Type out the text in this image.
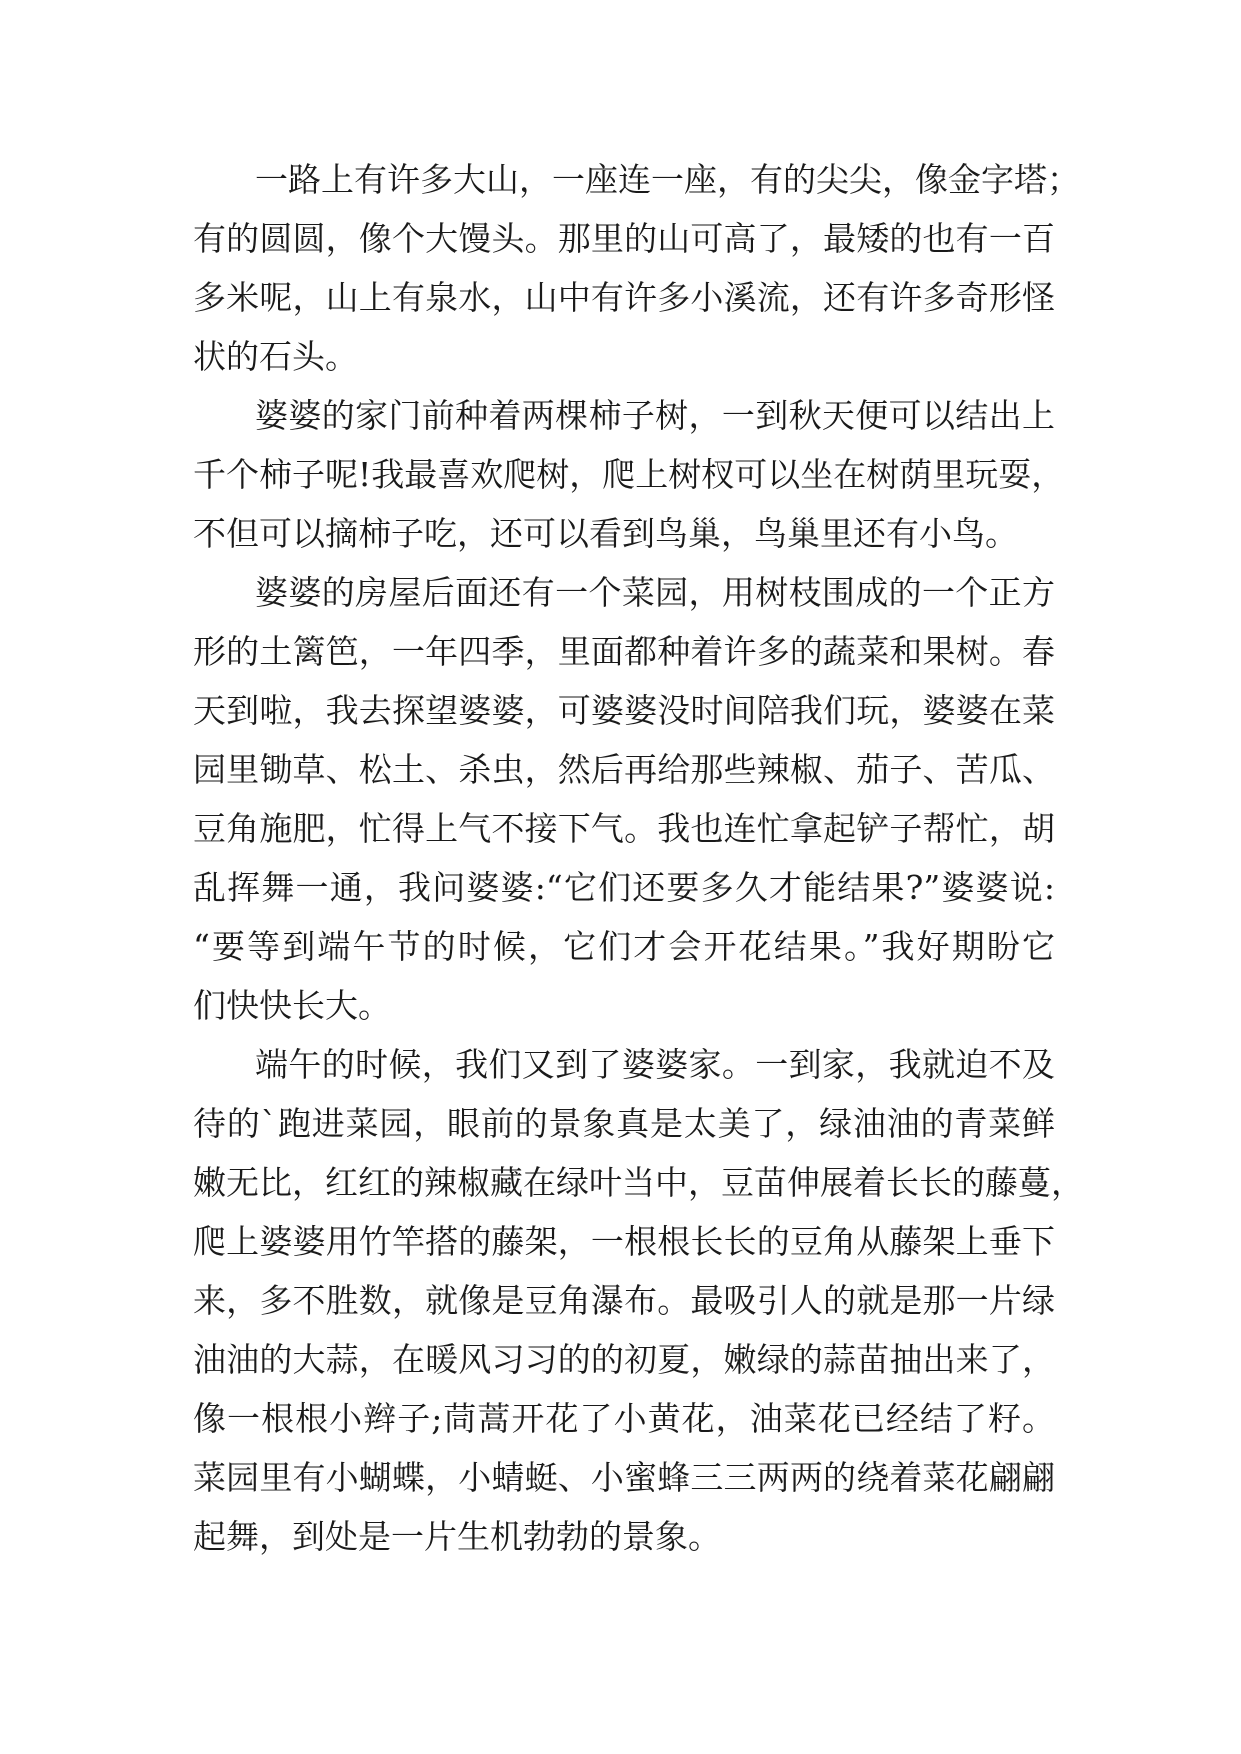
一路上有许多大山，一座连一座，有的尖尖，像金字塔；
有的圆圆，像个大馒头。那里的山可高了，最矮的也有一百
多米呢，山上有泉水，山中有许多小溪流，还有许多奇形怪
状的石头。
婆婆的家门前种着两棵柿子树，一到秋天便可以结出上
千个柿子呢!我最喜欢爬树，爬上树杈可以坐在树荫里玩耍，
不但可以摘柿子吃，还可以看到鸟巢，鸟巢里还有小鸟。
婆婆的房屋后面还有一个菜园，用树枝围成的一个正方
形的土篱笆，一年四季，里面都种着许多的蔬菜和果树。春
天到啦，我去探望婆婆，可婆婆没时间陪我们玩，婆婆在菜
园里锄草、松土、杀虫，然后再给那些辣椒、茄子、苦瓜、
豆角施肥，忙得上气不接下气。我也连忙拿起铲子帮忙，胡
乱挥舞一通，我问婆婆:“它们还要多久才能结果?”婆婆说:
“要等到端午节的时候，它们才会开花结果。”我好期盼它
们快快长大。
端午的时候，我们又到了婆婆家。一到家，我就迫不及
待的`跑进菜园，眼前的景象真是太美了，绿油油的青菜鲜
嫩无比，红红的辣椒藏在绿叶当中，豆苗伸展着长长的藤蔓，
爬上婆婆用竹竿搭的藤架，一根根长长的豆角从藤架上垂下
来，多不胜数，就像是豆角瀑布。最吸引人的就是那一片绿
油油的大蒜，在暖风习习的的初夏，嫩绿的蒜苗抽出来了，
像一根根小辫子;茼蒿开花了小黄花，油菜花已经结了籽。
菜园里有小蝴蝶，小蜻蜓、小蜜蜂三三两两的绕着菜花翩翩
起舞，到处是一片生机勃勃的景象。
